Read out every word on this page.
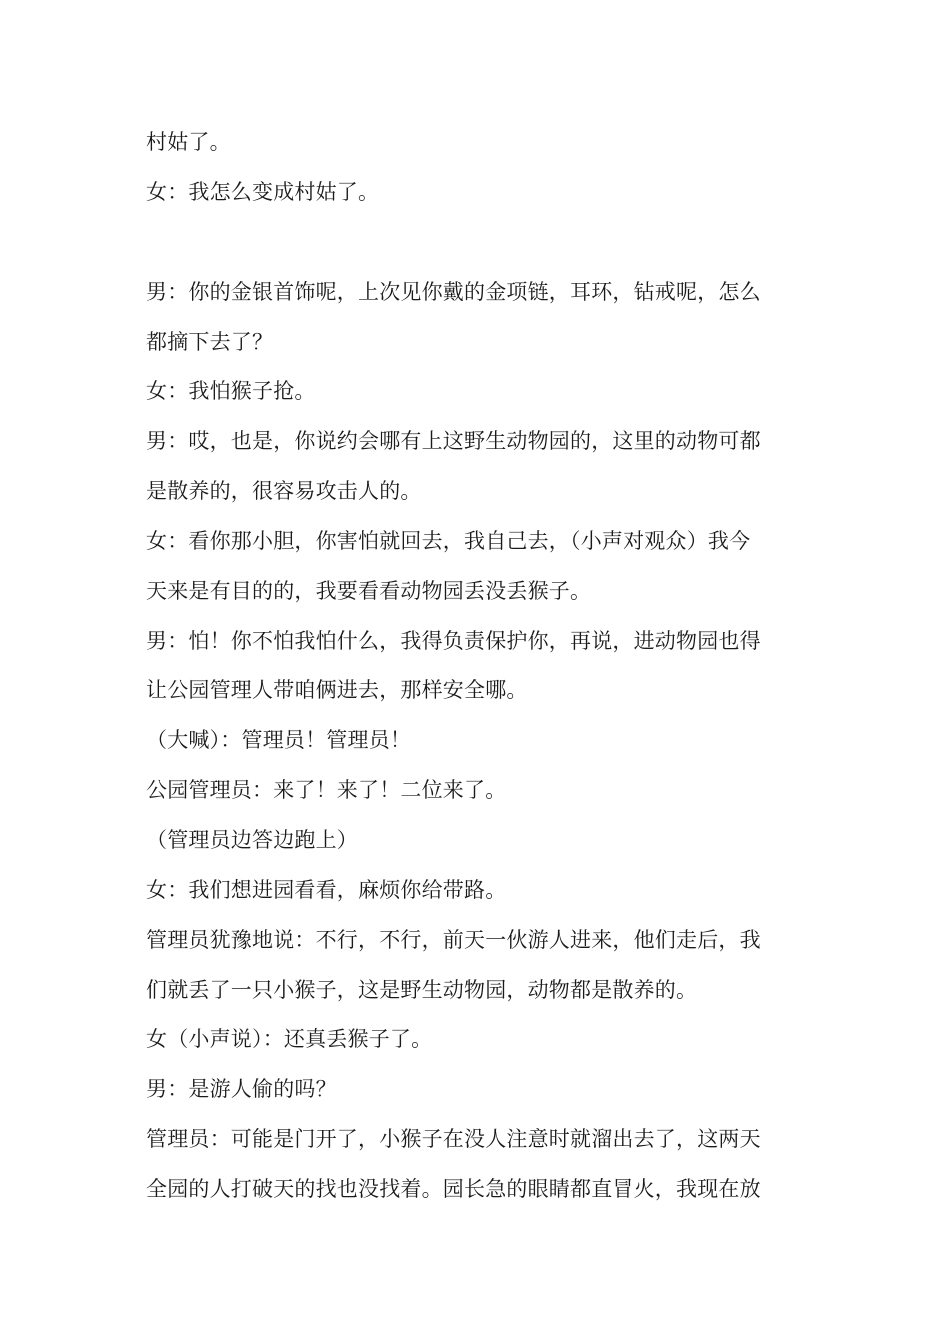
村姑了。

女：我怎么变成村姑了。

男：你的金银首饰呢，上次见你戴的金项链，耳环，钻戒呢，怎么

都摘下去了？

女：我怕猴子抢。

男：哎，也是，你说约会哪有上这野生动物园的，这里的动物可都

是散养的，很容易攻击人的。

女：看你那小胆，你害怕就回去，我自己去，（小声对观众）我今

天来是有目的的，我要看看动物园丢没丢猴子。

男：怕！你不怕我怕什么，我得负责保护你，再说，进动物园也得

让公园管理人带咱俩进去，那样安全哪。

（大喊）：管理员！管理员！

公园管理员：来了！来了！二位来了。

（管理员边答边跑上）

女：我们想进园看看，麻烦你给带路。

管理员犹豫地说：不行，不行，前天一伙游人进来，他们走后，我

们就丢了一只小猴子，这是野生动物园，动物都是散养的。

女（小声说）：还真丢猴子了。

男：是游人偷的吗？

管理员：可能是门开了，小猴子在没人注意时就溜出去了，这两天

全园的人打破天的找也没找着。园长急的眼睛都直冒火，我现在放
